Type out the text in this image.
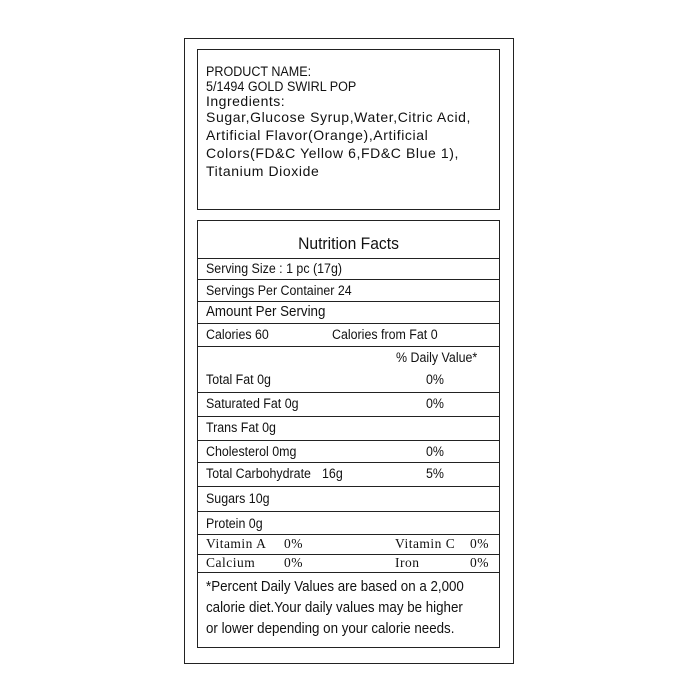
PRODUCT NAME:
5/1494 GOLD SWIRL POP
Ingredients:
Sugar,Glucose Syrup,Water,Citric Acid,
Artificial Flavor(Orange),Artificial
Colors(FD&C Yellow 6,FD&C Blue 1),
Titanium Dioxide
Nutrition Facts
Serving Size : 1 pc (17g)
Servings Per Container 24
Amount Per Serving
Calories 60	Calories from Fat 0
% Daily Value*
Total Fat 0g	0%
Saturated Fat 0g	0%
Trans Fat 0g
Cholesterol 0mg	0%
Total Carbohydrate 16g	5%
Sugars 10g
Protein 0g
Vitamin A 0%	Vitamin C 0%
Calcium 0%	Iron	0%
*Percent Daily Values are based on a 2,000
calorie diet.Your daily values may be higher
or lower depending on your calorie needs.
